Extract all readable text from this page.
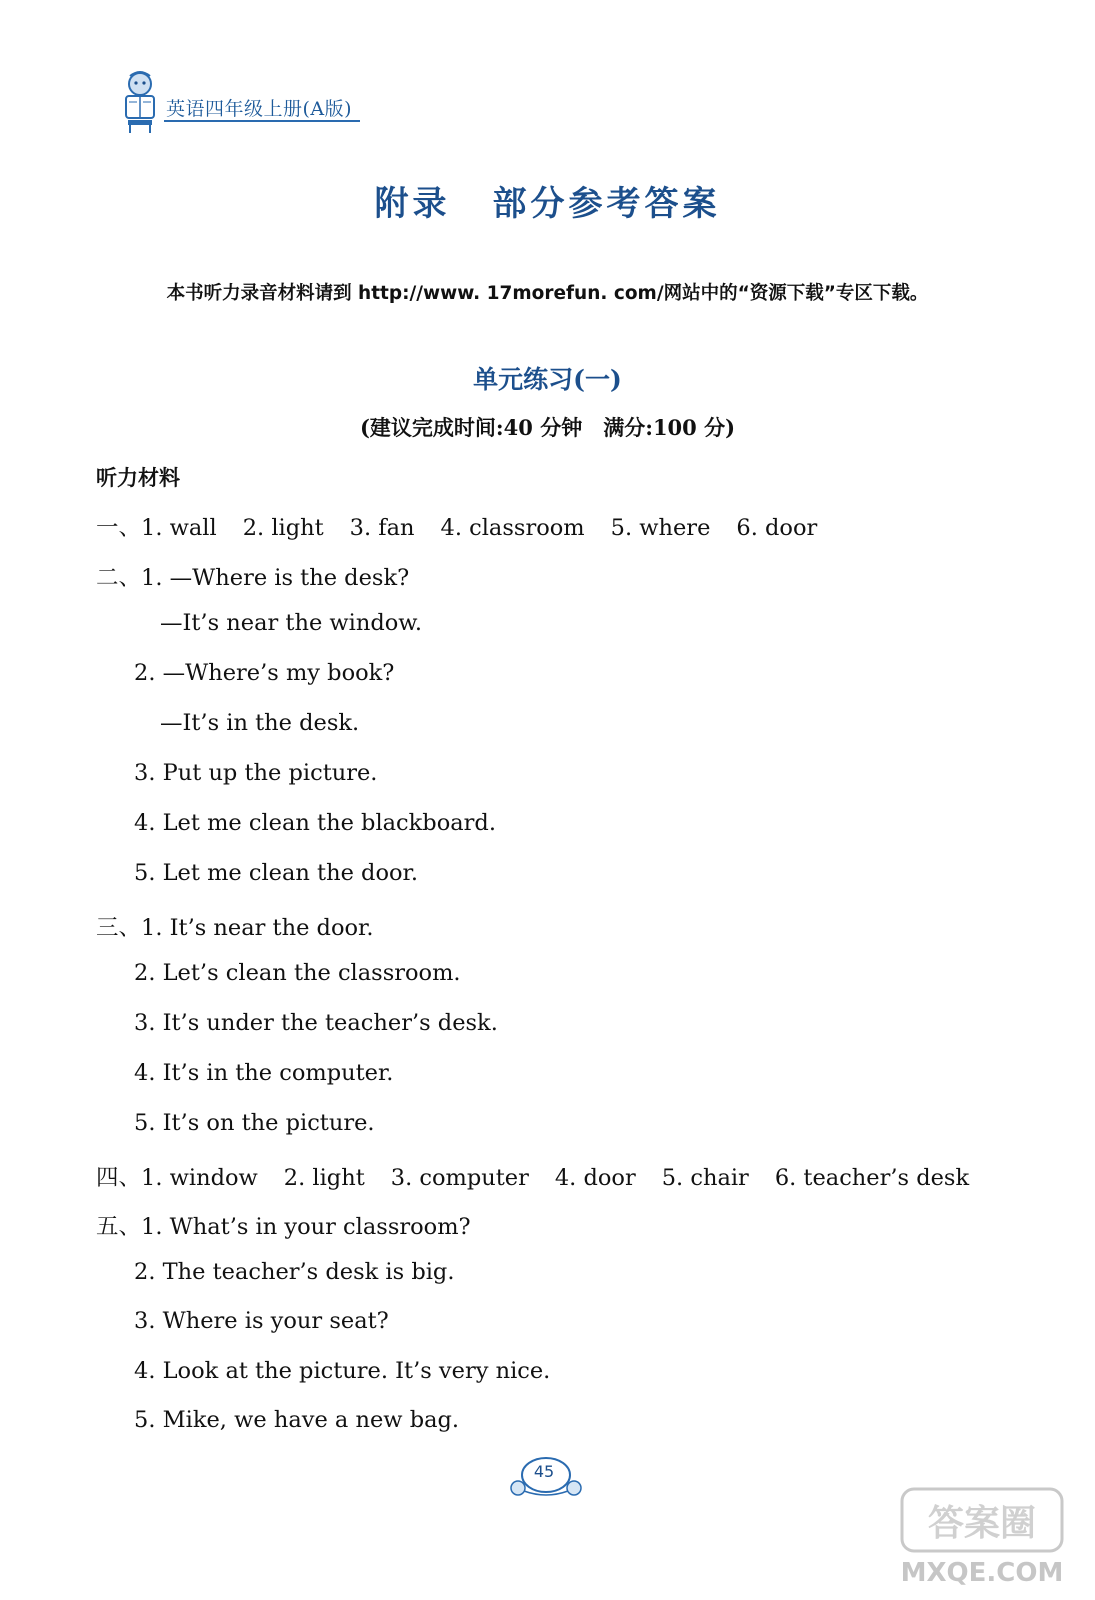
英语四年级上册(A版)
附录 部分参考答案
本书听力录音材料请到 http://www. 17morefun. com/网站中的“资源下载”专区下载。
单元练习(一)
(建议完成时间:40 分钟　满分:100 分)
听力材料
一、1. wall 2. light 3. fan 4. classroom 5. where 6. door
二、1. —Where is the desk?
—It’s near the window.
2. —Where’s my book?
—It’s in the desk.
3. Put up the picture.
4. Let me clean the blackboard.
5. Let me clean the door.
三、1. It’s near the door.
2. Let’s clean the classroom.
3. It’s under the teacher’s desk.
4. It’s in the computer.
5. It’s on the picture.
四、1. window 2. light 3. computer 4. door 5. chair 6. teacher’s desk
五、1. What’s in your classroom?
2. The teacher’s desk is big.
3. Where is your seat?
4. Look at the picture. It’s very nice.
5. Mike, we have a new bag.
45
答案圈
MXQE.COM
